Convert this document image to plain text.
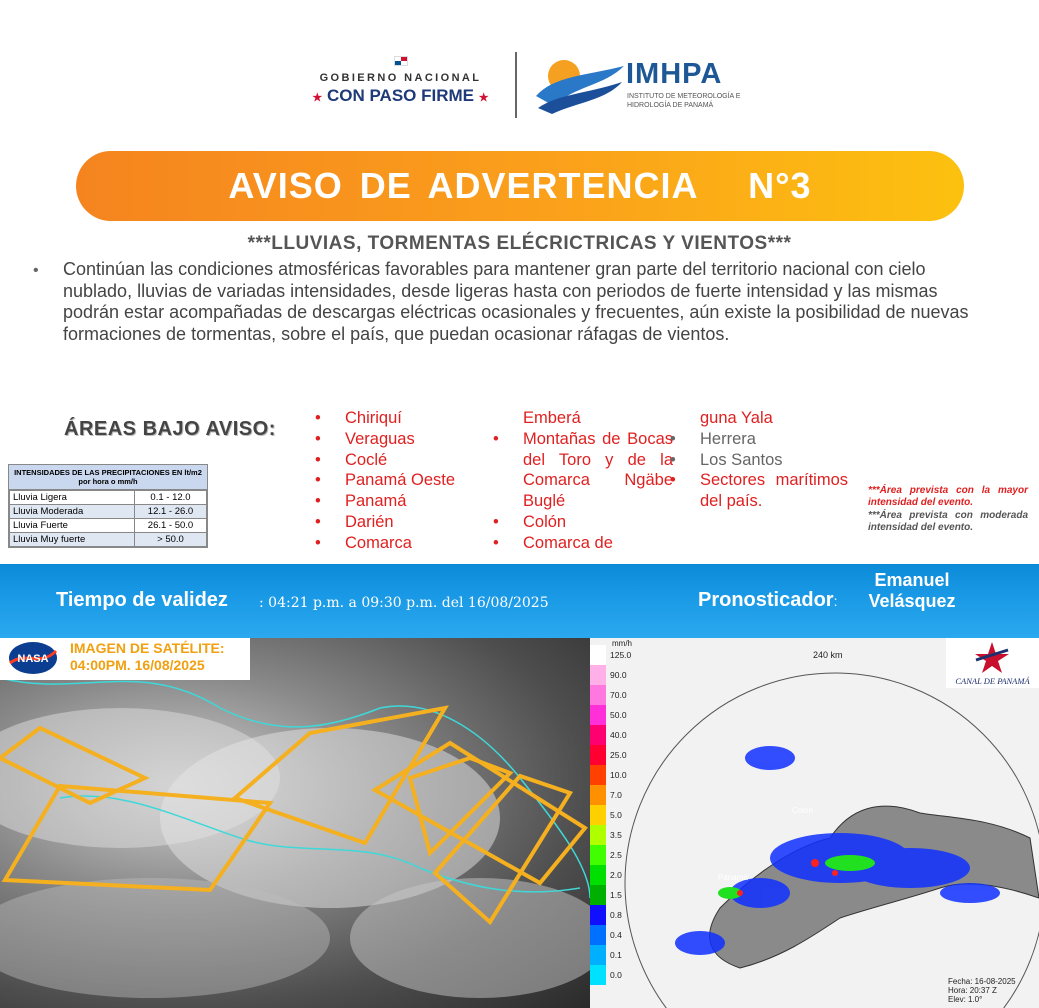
GOBIERNO NACIONAL
★ CON PASO FIRME ★
IMHPA
INSTITUTO DE METEOROLOGÍA E HIDROLOGÍA DE PANAMÁ
AVISO DE ADVERTENCIA   N°3
***LLUVIAS, TORMENTAS ELÉCRICTRICAS Y VIENTOS***
• Continúan las condiciones atmosféricas favorables para mantener gran parte del territorio nacional con cielo nublado, lluvias de variadas intensidades, desde ligeras hasta con periodos de fuerte intensidad y las mismas podrán estar acompañadas de descargas eléctricas ocasionales y frecuentes, aún existe la posibilidad de nuevas formaciones de tormentas, sobre el país, que puedan ocasionar ráfagas de vientos.
ÁREAS BAJO AVISO:	• Chiriquí
• Veraguas
• Coclé
• Panamá Oeste
• Panamá
• Darién
• Comarca
Emberá
• Montañas de Bocas del Toro y de la Comarca Ngäbe Buglé
• Colón
• Comarca de
guna Yala
• Herrera
• Los Santos
• Sectores marítimos del país.
***Área prevista con la mayor intensidad del evento.
***Área prevista con moderada intensidad del evento.
INTENSIDADES DE LAS PRECIPITACIONES EN lt/m2 por hora o mm/h
Lluvia Ligera	0.1 - 12.0
Lluvia Moderada	12.1 - 26.0
Lluvia Fuerte	26.1 - 50.0
Lluvia Muy fuerte	> 50.0
Tiempo de validez : 04:21 p.m. a 09:30 p.m. del 16/08/2025	Pronosticador:
Emanuel Velásquez
NASA
IMAGEN DE SATÉLITE:
04:00PM. 16/08/2025
mm/h
125.0
90.0
70.0
50.0
40.0
25.0
10.0
7.0
5.0
3.5
2.5
2.0
1.5
0.8
0.4
0.1
0.0
240 km
Colon
Panamá
CANAL DE PANAMÁ
Fecha: 16-08-2025
Hora: 20:37 Z
Elev: 1.0°
